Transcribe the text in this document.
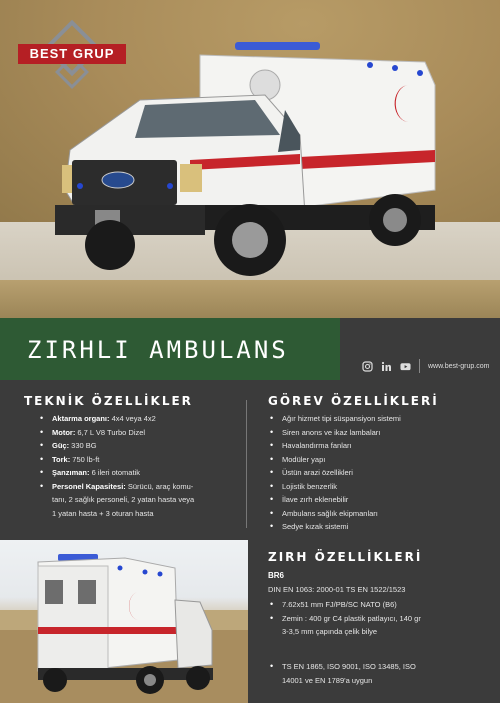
BEST GRUP
ZIRHLI AMBULANS
www.best-grup.com
TEKNİK ÖZELLİKLER
• Aktarma organı: 4x4 veya 4x2
• Motor: 6,7 L V8 Turbo Dizel
• Güç: 330 BG
• Tork: 750 lb-ft
• Şanzıman: 6 ileri otomatik
• Personel Kapasitesi: Sürücü, araç komu-
tanı, 2 sağlık personeli, 2 yatan hasta veya
1 yatan hasta + 3 oturan hasta
GÖREV ÖZELLİKLERİ
• Ağır hizmet tipi süspansiyon sistemi
• Siren anons ve ikaz lambaları
• Havalandırma fanları
• Modüler yapı
• Üstün arazi özellikleri
• Lojistik benzerlik
• İlave zırh eklenebilir
• Ambulans sağlık ekipmanları
• Sedye kızak sistemi
ZIRH ÖZELLİKLERİ
BR6
DIN EN 1063: 2000-01 TS EN 1522/1523
• 7.62x51 mm FJ/PB/SC NATO (B6)
• Zemin : 400 gr C4 plastik patlayıcı, 140 gr
3-3,5 mm çapında çelik bilye
• TS EN 1865, ISO 9001, ISO 13485, ISO
14001 ve EN 1789'a uygun
